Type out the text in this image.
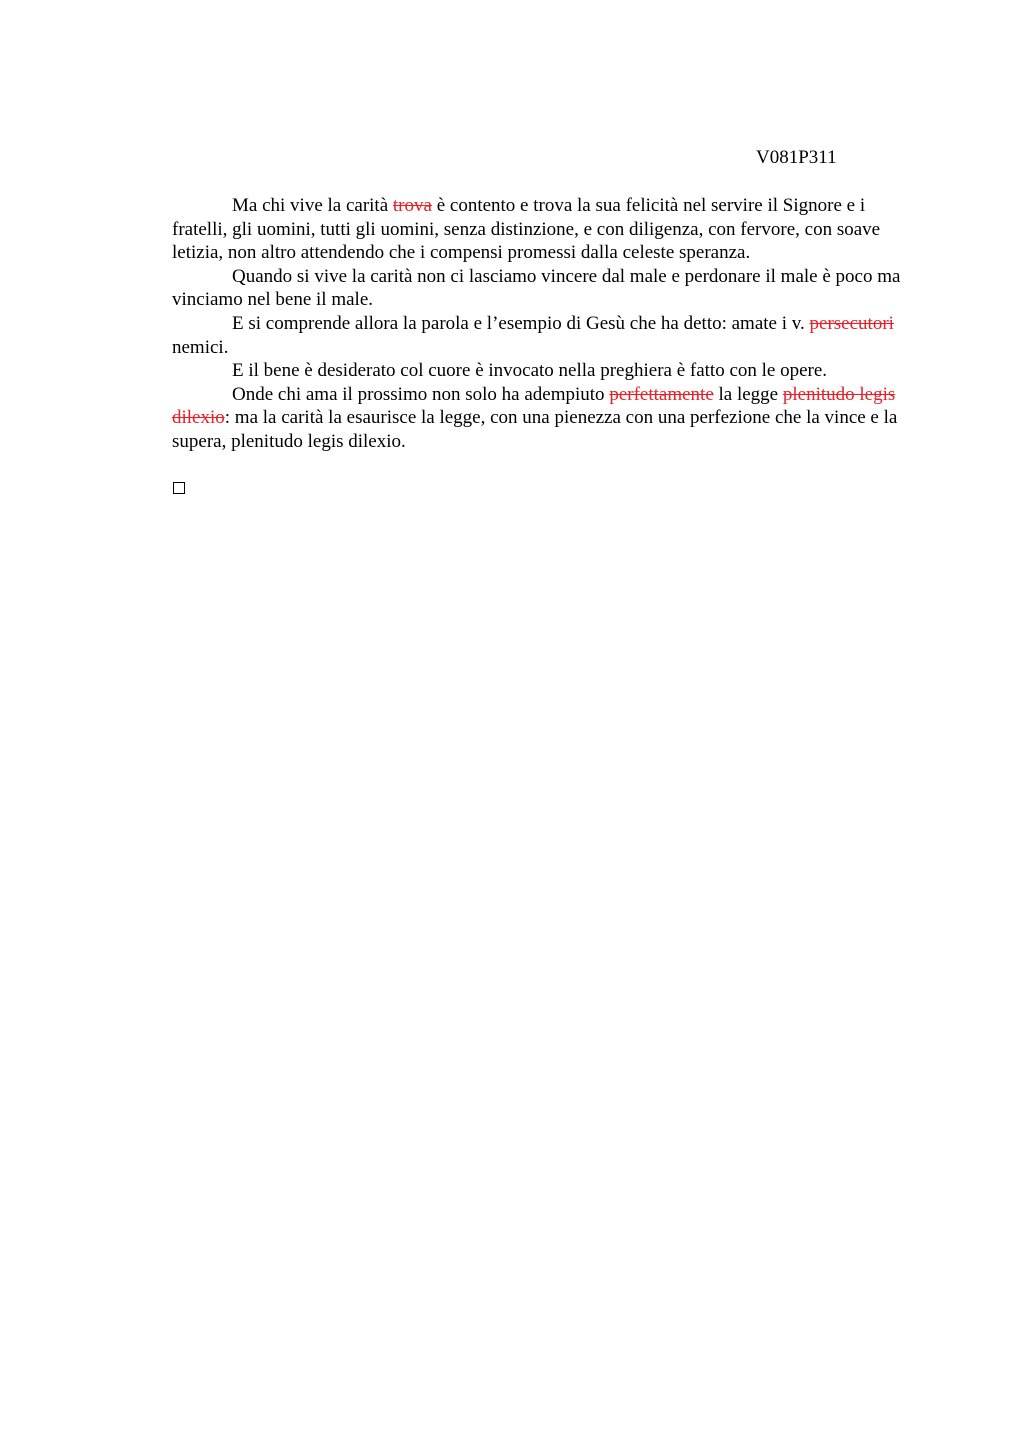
V081P311

Ma chi vive la carità trova è contento e trova la sua felicità nel servire il Signore e i fratelli, gli uomini, tutti gli uomini, senza distinzione, e con diligenza, con fervore, con soave letizia, non altro attendendo che i compensi promessi dalla celeste speranza.

Quando si vive la carità non ci lasciamo vincere dal male e perdonare il male è poco ma vinciamo nel bene il male.

E si comprende allora la parola e l’esempio di Gesù che ha detto: amate i v. persecutori nemici.

E il bene è desiderato col cuore è invocato nella preghiera è fatto con le opere.

Onde chi ama il prossimo non solo ha adempiuto perfettamente la legge plenitudo legis dilexio: ma la carità la esaurisce la legge, con una pienezza con una perfezione che la vince e la supera, plenitudo legis dilexio.
